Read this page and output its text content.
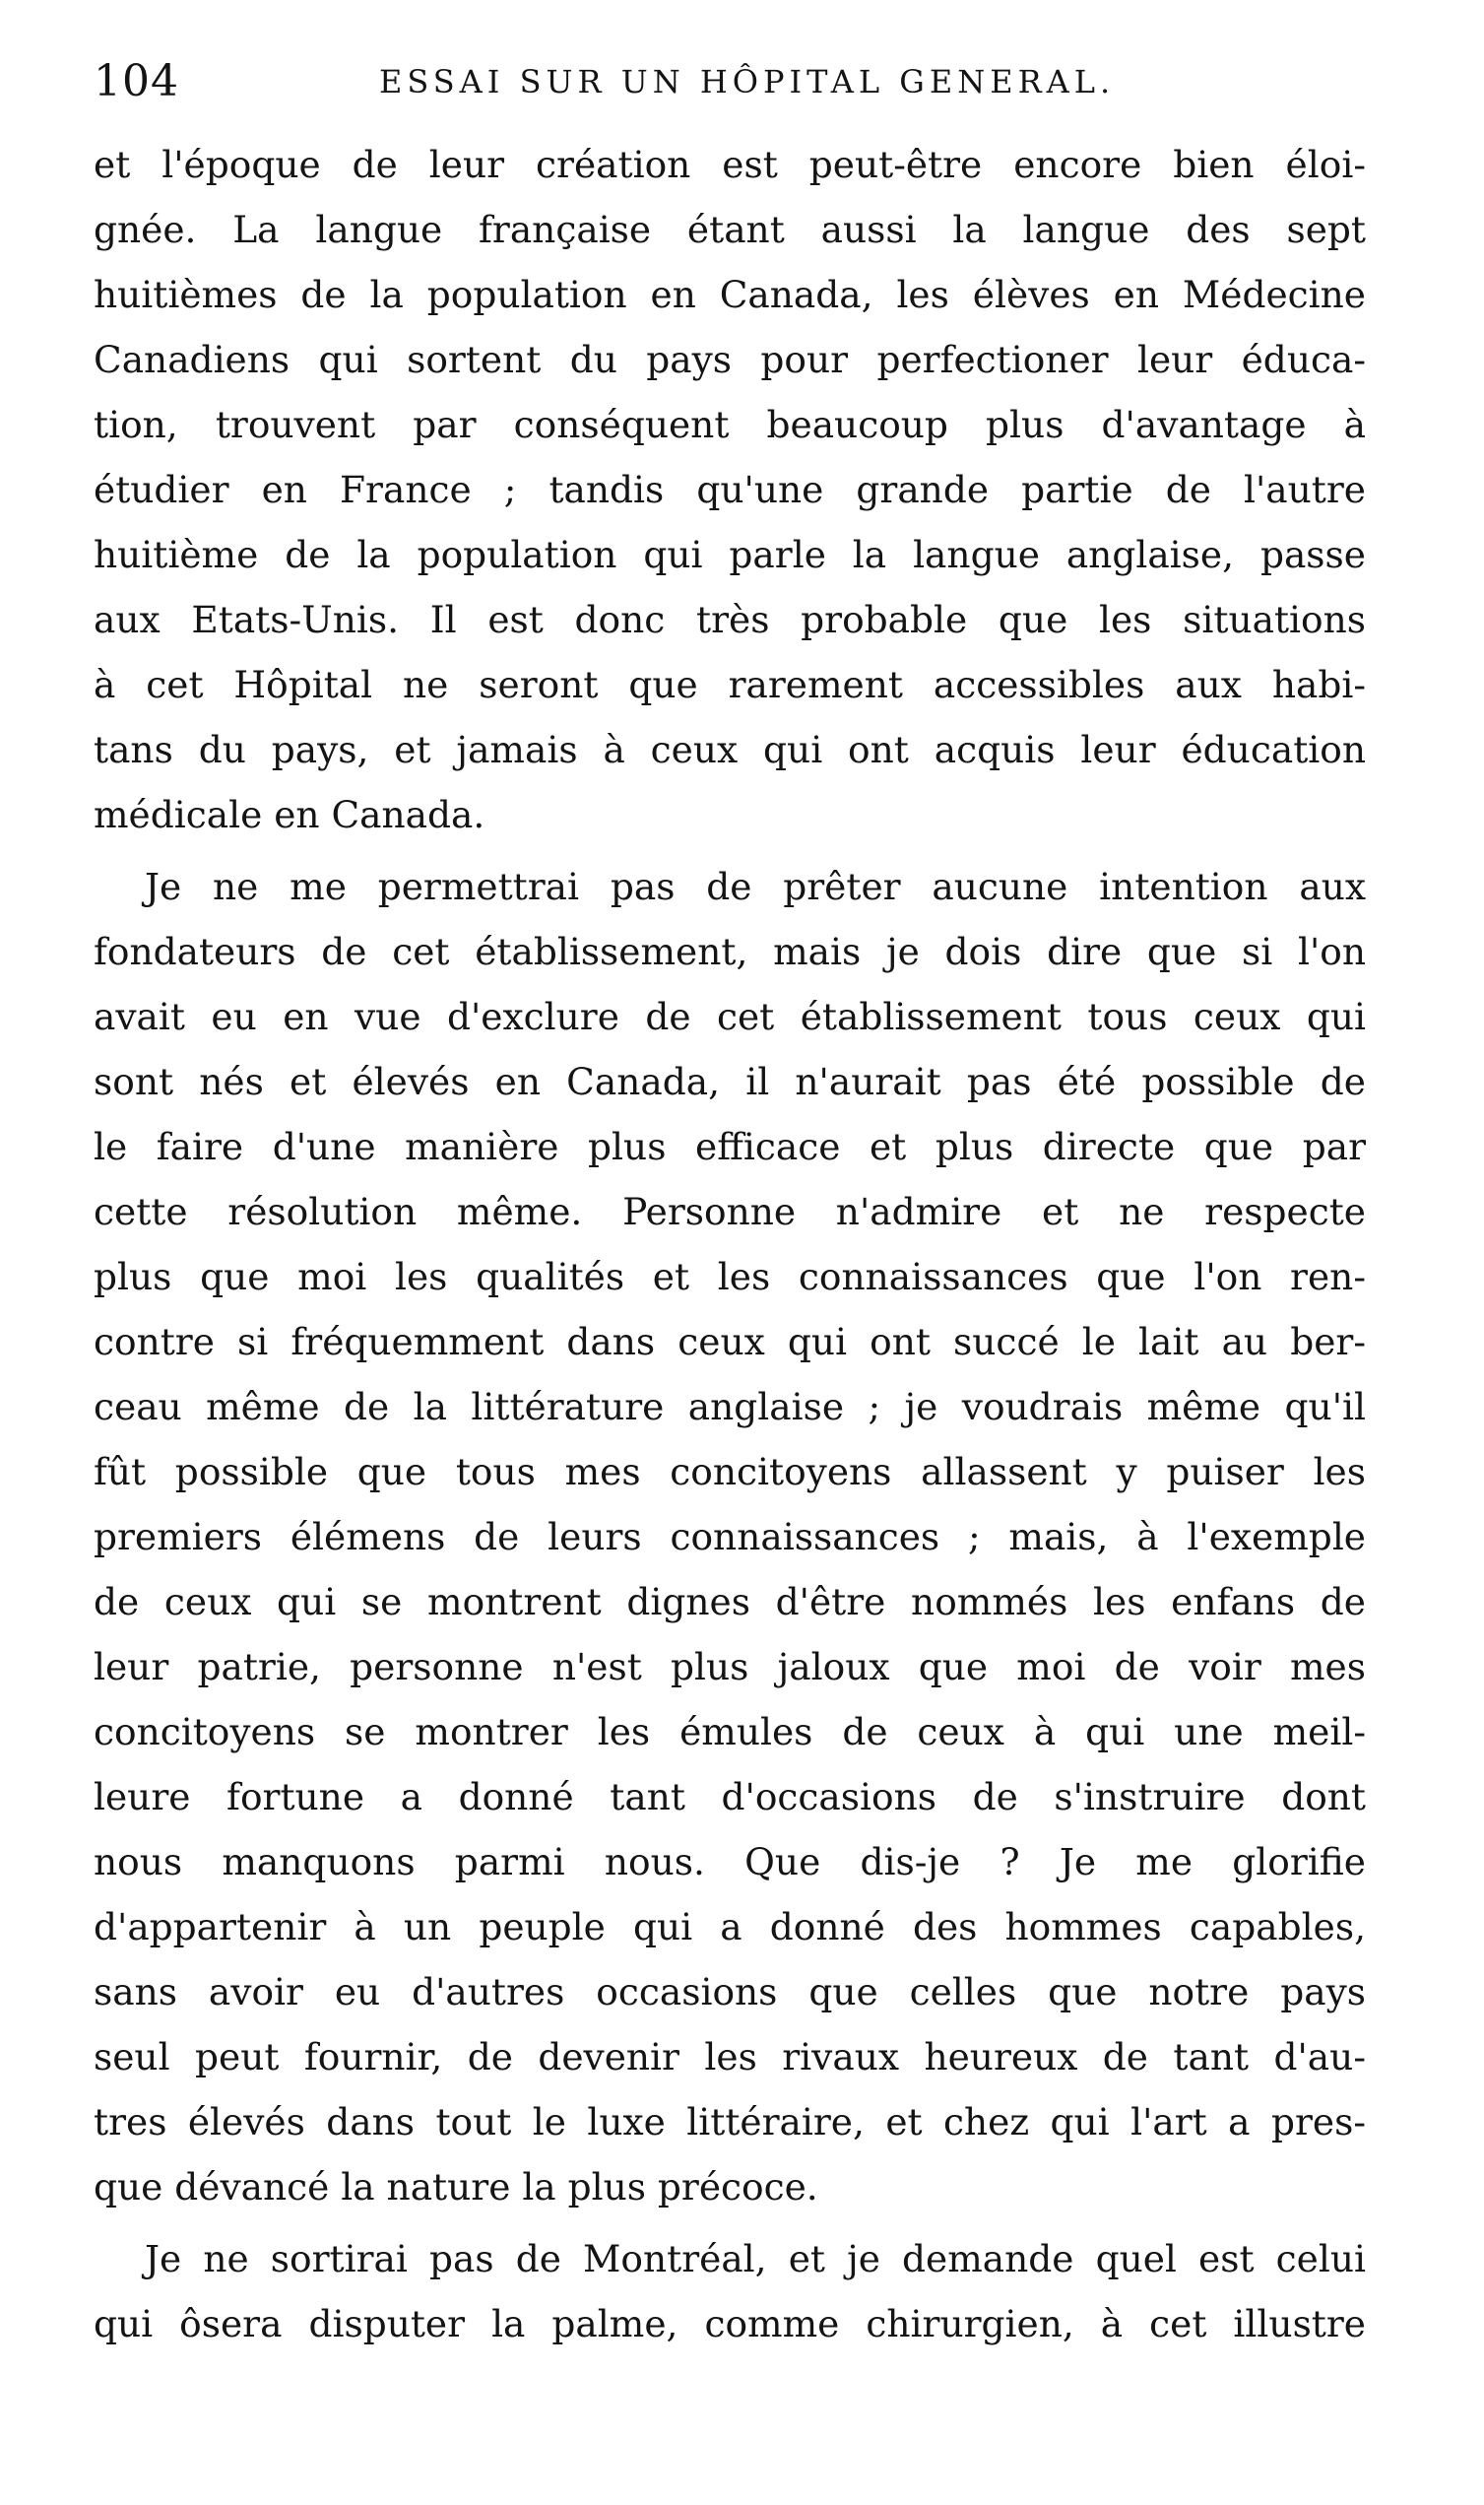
104	ESSAI SUR UN HÔPITAL GENERAL.
et l'époque de leur création est peut-être encore bien éloi-
gnée. La langue française étant aussi la langue des sept
huitièmes de la population en Canada, les élèves en Médecine
Canadiens qui sortent du pays pour perfectioner leur éduca-
tion, trouvent par conséquent beaucoup plus d'avantage à
étudier en France ; tandis qu'une grande partie de l'autre
huitième de la population qui parle la langue anglaise, passe
aux Etats-Unis. Il est donc très probable que les situations
à cet Hôpital ne seront que rarement accessibles aux habi-
tans du pays, et jamais à ceux qui ont acquis leur éducation
médicale en Canada.
Je ne me permettrai pas de prêter aucune intention aux
fondateurs de cet établissement, mais je dois dire que si l'on
avait eu en vue d'exclure de cet établissement tous ceux qui
sont nés et élevés en Canada, il n'aurait pas été possible de
le faire d'une manière plus efficace et plus directe que par
cette résolution même. Personne n'admire et ne respecte
plus que moi les qualités et les connaissances que l'on ren-
contre si fréquemment dans ceux qui ont succé le lait au ber-
ceau même de la littérature anglaise ; je voudrais même qu'il
fût possible que tous mes concitoyens allassent y puiser les
premiers élémens de leurs connaissances ; mais, à l'exemple
de ceux qui se montrent dignes d'être nommés les enfans de
leur patrie, personne n'est plus jaloux que moi de voir mes
concitoyens se montrer les émules de ceux à qui une meil-
leure fortune a donné tant d'occasions de s'instruire dont
nous manquons parmi nous. Que dis-je ? Je me glorifie
d'appartenir à un peuple qui a donné des hommes capables,
sans avoir eu d'autres occasions que celles que notre pays
seul peut fournir, de devenir les rivaux heureux de tant d'au-
tres élevés dans tout le luxe littéraire, et chez qui l'art a pres-
que dévancé la nature la plus précoce.
Je ne sortirai pas de Montréal, et je demande quel est celui
qui ôsera disputer la palme, comme chirurgien, à cet illustre
